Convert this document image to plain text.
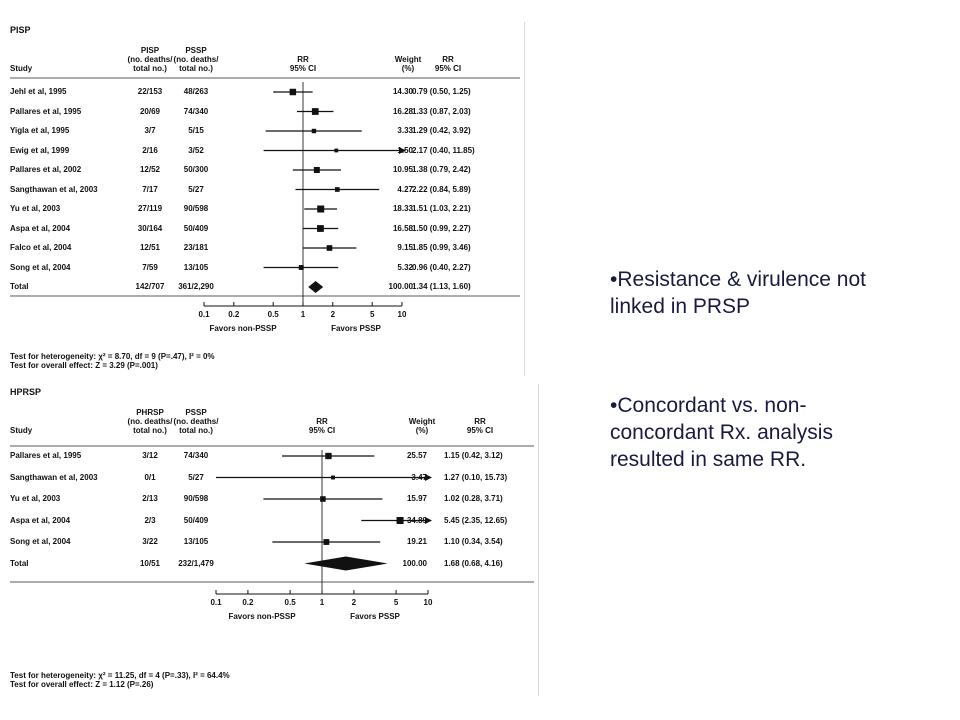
PISP
Study
PISP
(no. deaths/
total no.)
PSSP
(no. deaths/
total no.)
RR
95% CI
Weight
(%)
RR
95% CI
Jehl et al, 1995	22/153	48/263	14.30 0.79 (0.50, 1.25)
Pallares et al, 1995	20/69	74/340	16.28 1.33 (0.87, 2.03)
Yigla et al, 1995	3/7	5/15	3.33 1.29 (0.42, 3.92)
Ewig et al, 1999	2/16	3/52	1.50 2.17 (0.40, 11.85)
Pallares et al, 2002	12/52	50/300	10.95 1.38 (0.79, 2.42)
Sangthawan et al, 2003	7/17	5/27	4.27 2.22 (0.84, 5.89)
Yu et al, 2003	27/119	90/598	18.33 1.51 (1.03, 2.21)
Aspa et al, 2004	30/164	50/409	16.58 1.50 (0.99, 2.27)
Falco et al, 2004	12/51	23/181	9.15 1.85 (0.99, 3.46)
Song et al, 2004	7/59	13/105	5.32 0.96 (0.40, 2.27)
Total	142/707	361/2,290	100.00 1.34 (1.13, 1.60)
0.1	0.2	0.5	1	2	5	10
Favors non-PSSP	Favors PSSP
Test for heterogeneity: χ² = 8.70, df = 9 (P=.47), I² = 0%
Test for overall effect: Z = 3.29 (P=.001)
HPRSP
Study
PHRSP
(no. deaths/
total no.)
PSSP
(no. deaths/
total no.)
RR
95% CI
Weight
(%)
RR
95% CI
Pallares et al, 1995	3/12	74/340	25.57 1.15 (0.42, 3.12)
Sangthawan et al, 2003	0/1	5/27	3.47 1.27 (0.10, 15.73)
Yu et al, 2003	2/13	90/598	15.97 1.02 (0.28, 3.71)
Aspa et al, 2004	2/3	50/409	34.89 5.45 (2.35, 12.65)
Song et al, 2004	3/22	13/105	19.21 1.10 (0.34, 3.54)
Total	10/51	232/1,479	100.00 1.68 (0.68, 4.16)
0.1	0.2	0.5	1	2	5	10
Favors non-PSSP	Favors PSSP
Test for heterogeneity: χ² = 11.25, df = 4 (P=.33), I² = 64.4%
Test for overall effect: Z = 1.12 (P=.26)
•Resistance & virulence not linked in PRSP
•Concordant vs. non-concordant Rx. analysis resulted in same RR.
